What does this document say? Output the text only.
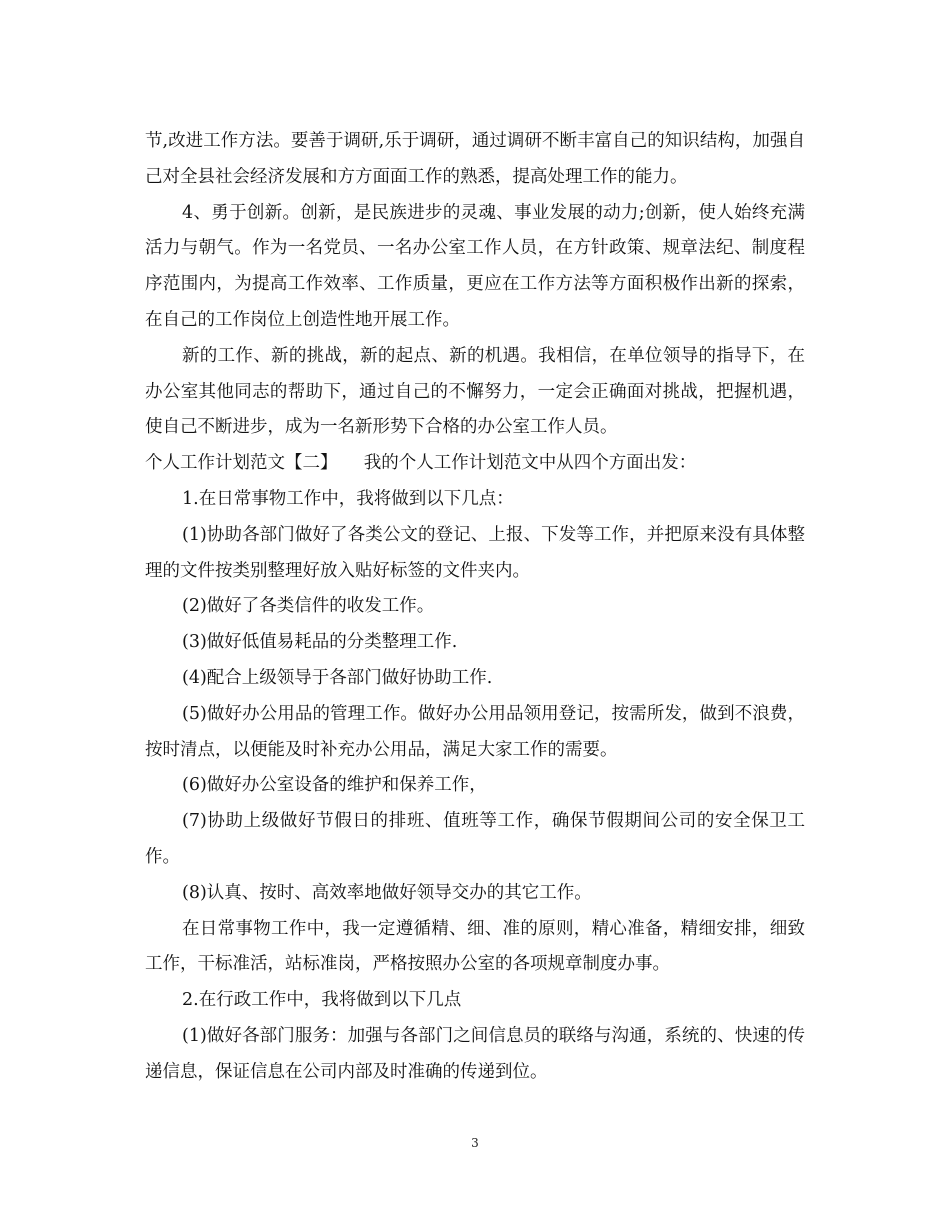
节,改进工作方法。要善于调研,乐于调研，通过调研不断丰富自己的知识结构，加强自己对全县社会经济发展和方方面面工作的熟悉，提高处理工作的能力。

4、勇于创新。创新，是民族进步的灵魂、事业发展的动力;创新，使人始终充满活力与朝气。作为一名党员、一名办公室工作人员，在方针政策、规章法纪、制度程序范围内，为提高工作效率、工作质量，更应在工作方法等方面积极作出新的探索，在自己的工作岗位上创造性地开展工作。

新的工作、新的挑战，新的起点、新的机遇。我相信，在单位领导的指导下，在办公室其他同志的帮助下，通过自己的不懈努力，一定会正确面对挑战，把握机遇，使自己不断进步，成为一名新形势下合格的办公室工作人员。

个人工作计划范文【二】　　我的个人工作计划范文中从四个方面出发：

1.在日常事物工作中，我将做到以下几点：

(1)协助各部门做好了各类公文的登记、上报、下发等工作，并把原来没有具体整理的文件按类别整理好放入贴好标签的文件夹内。

(2)做好了各类信件的收发工作。

(3)做好低值易耗品的分类整理工作.

(4)配合上级领导于各部门做好协助工作.

(5)做好办公用品的管理工作。做好办公用品领用登记，按需所发，做到不浪费，按时清点，以便能及时补充办公用品，满足大家工作的需要。

(6)做好办公室设备的维护和保养工作，

(7)协助上级做好节假日的排班、值班等工作，确保节假期间公司的安全保卫工作。

(8)认真、按时、高效率地做好领导交办的其它工作。

在日常事物工作中，我一定遵循精、细、准的原则，精心准备，精细安排，细致工作，干标准活，站标准岗，严格按照办公室的各项规章制度办事。

2.在行政工作中，我将做到以下几点

(1)做好各部门服务：加强与各部门之间信息员的联络与沟通，系统的、快速的传递信息，保证信息在公司内部及时准确的传递到位。

3
